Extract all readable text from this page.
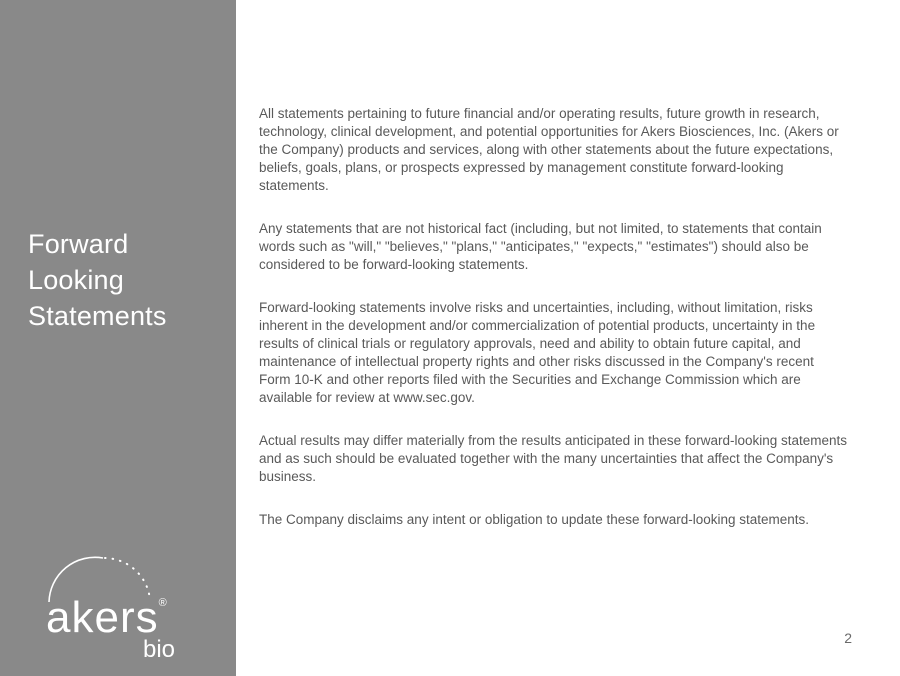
Forward
Looking
Statements
akers®
bio

All statements pertaining to future financial and/or operating results, future growth in research, technology, clinical development, and potential opportunities for Akers Biosciences, Inc. (Akers or the Company) products and services, along with other statements about the future expectations, beliefs, goals, plans, or prospects expressed by management constitute forward-looking statements.

Any statements that are not historical fact (including, but not limited, to statements that contain words such as "will," "believes," "plans," "anticipates," "expects," "estimates") should also be considered to be forward-looking statements.

Forward-looking statements involve risks and uncertainties, including, without limitation, risks inherent in the development and/or commercialization of potential products, uncertainty in the results of clinical trials or regulatory approvals, need and ability to obtain future capital, and maintenance of intellectual property rights and other risks discussed in the Company's recent Form 10-K and other reports filed with the Securities and Exchange Commission which are available for review at www.sec.gov.

Actual results may differ materially from the results anticipated in these forward-looking statements and as such should be evaluated together with the many uncertainties that affect the Company's business.

The Company disclaims any intent or obligation to update these forward-looking statements.

2
